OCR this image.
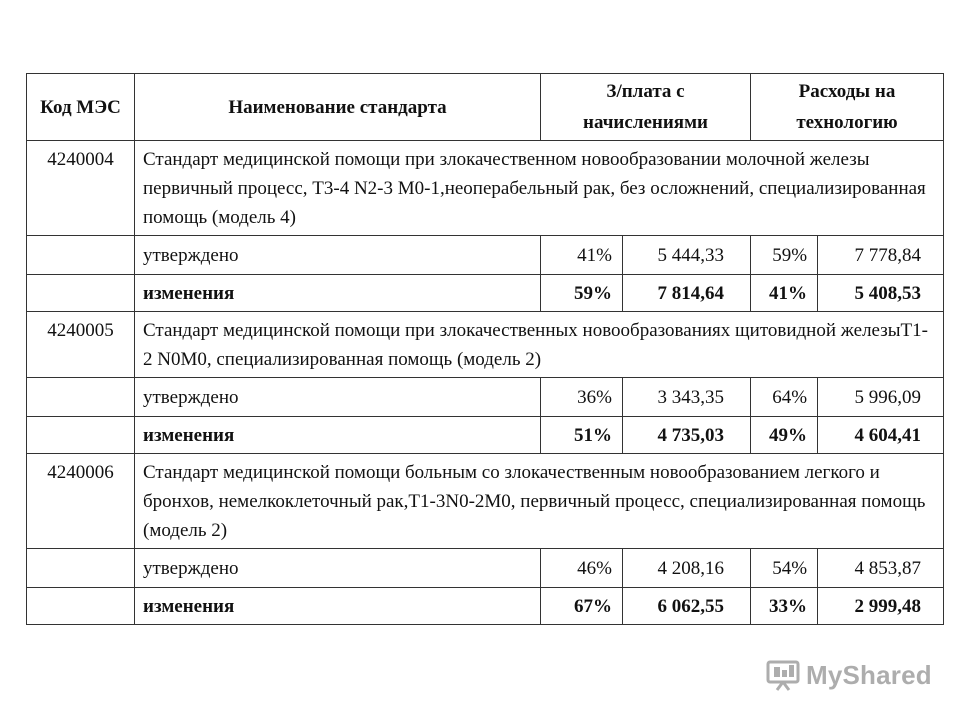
Код МЭС	Наименование стандарта	З/плата с начислениями		Расходы на технологию	
4240004	Стандарт медицинской помощи при злокачественном новообразовании молочной железы первичный процесс, Т3-4 N2-3 M0-1,неоперабельный рак, без осложнений, специализированная помощь (модель 4)				
	утверждено	41%	5 444,33	59%	7 778,84
	изменения	59%	7 814,64	41%	5 408,53
4240005	Стандарт медицинской помощи при злокачественных новообразованиях щитовидной железыТ1-2 N0M0, специализированная помощь (модель 2)				
	утверждено	36%	3 343,35	64%	5 996,09
	изменения	51%	4 735,03	49%	4 604,41
4240006	Стандарт медицинской помощи больным со злокачественным новообразованием легкого и бронхов, немелкоклеточный рак,Т1-3N0-2M0, первичный процесс, специализированная помощь (модель 2)				
	утверждено	46%	4 208,16	54%	4 853,87
	изменения	67%	6 062,55	33%	2 999,48
MyShared
